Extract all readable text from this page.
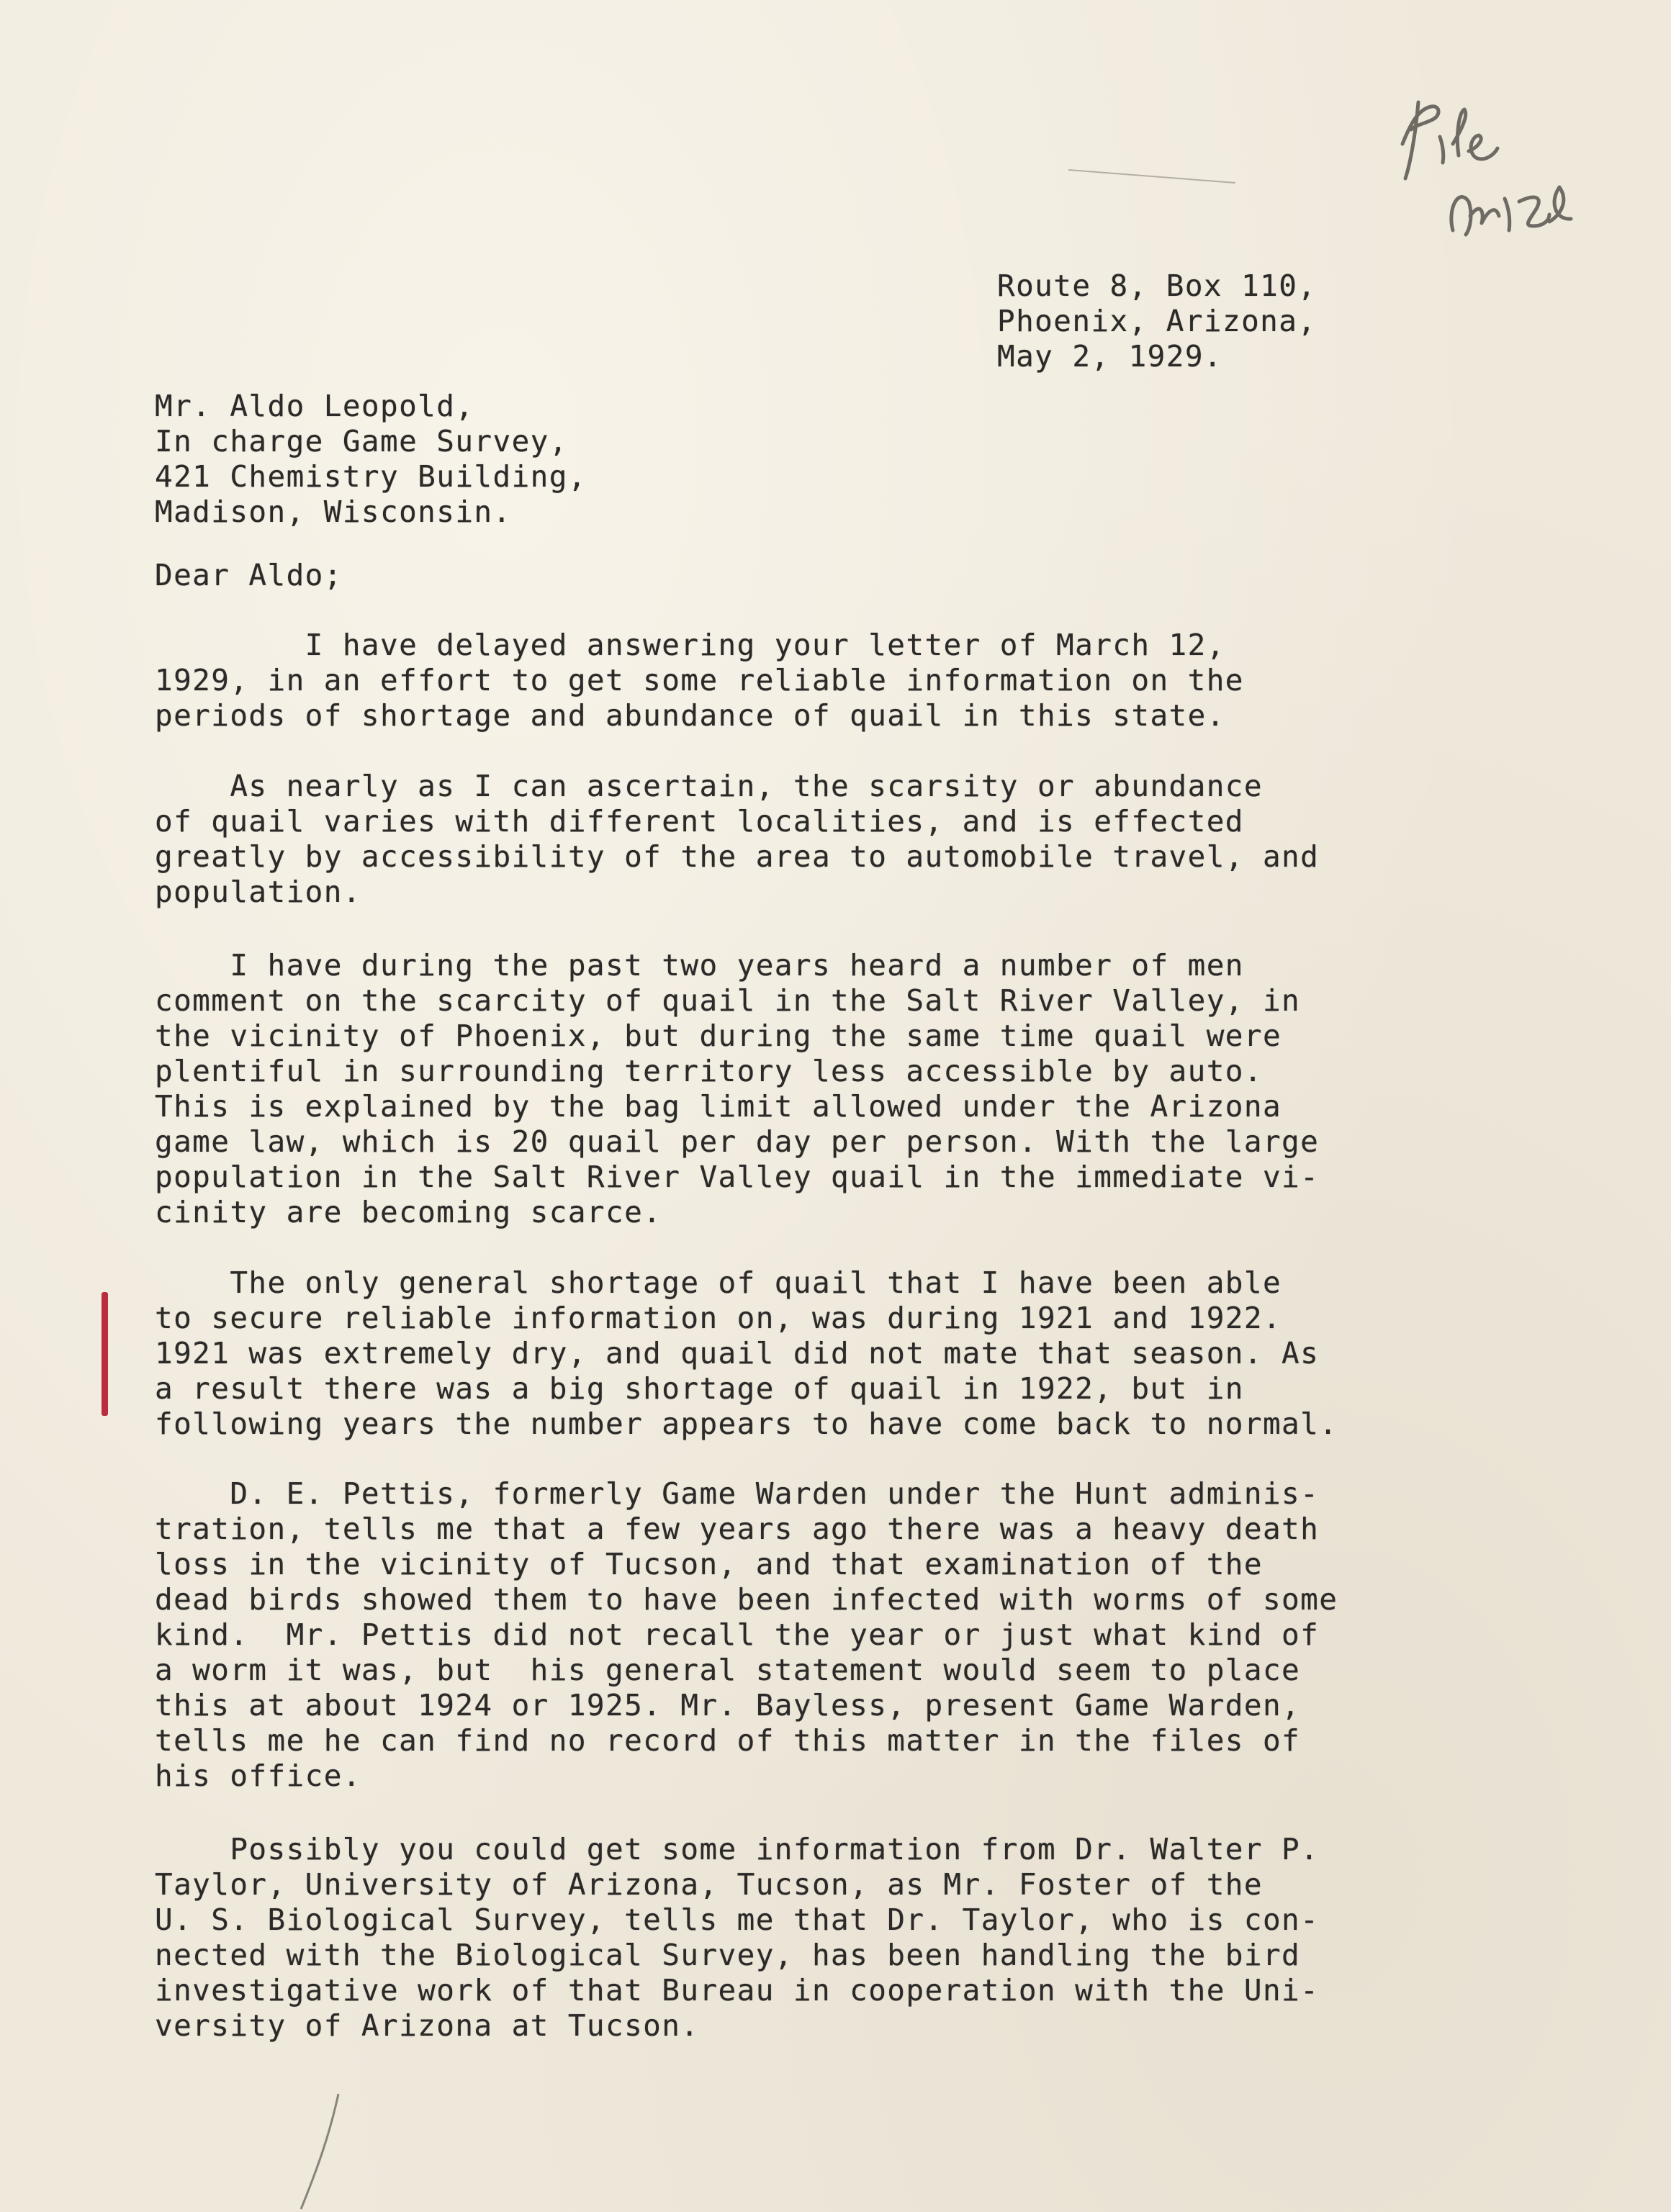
Route 8, Box 110,
Phoenix, Arizona,
May 2, 1929.

Mr. Aldo Leopold,
In charge Game Survey,
421 Chemistry Building,
Madison, Wisconsin.

Dear Aldo;

I have delayed answering your letter of March 12,
1929, in an effort to get some reliable information on the
periods of shortage and abundance of quail in this state.

As nearly as I can ascertain, the scarsity or abundance
of quail varies with different localities, and is effected
greatly by accessibility of the area to automobile travel, and
population.

I have during the past two years heard a number of men
comment on the scarcity of quail in the Salt River Valley, in
the vicinity of Phoenix, but during the same time quail were
plentiful in surrounding territory less accessible by auto.
This is explained by the bag limit allowed under the Arizona
game law, which is 20 quail per day per person. With the large
population in the Salt River Valley quail in the immediate vi-
cinity are becoming scarce.

The only general shortage of quail that I have been able
to secure reliable information on, was during 1921 and 1922.
1921 was extremely dry, and quail did not mate that season. As
a result there was a big shortage of quail in 1922, but in
following years the number appears to have come back to normal.

D. E. Pettis, formerly Game Warden under the Hunt adminis-
tration, tells me that a few years ago there was a heavy death
loss in the vicinity of Tucson, and that examination of the
dead birds showed them to have been infected with worms of some
kind.  Mr. Pettis did not recall the year or just what kind of
a worm it was, but  his general statement would seem to place
this at about 1924 or 1925. Mr. Bayless, present Game Warden,
tells me he can find no record of this matter in the files of
his office.

Possibly you could get some information from Dr. Walter P.
Taylor, University of Arizona, Tucson, as Mr. Foster of the
U. S. Biological Survey, tells me that Dr. Taylor, who is con-
nected with the Biological Survey, has been handling the bird
investigative work of that Bureau in cooperation with the Uni-
versity of Arizona at Tucson.
